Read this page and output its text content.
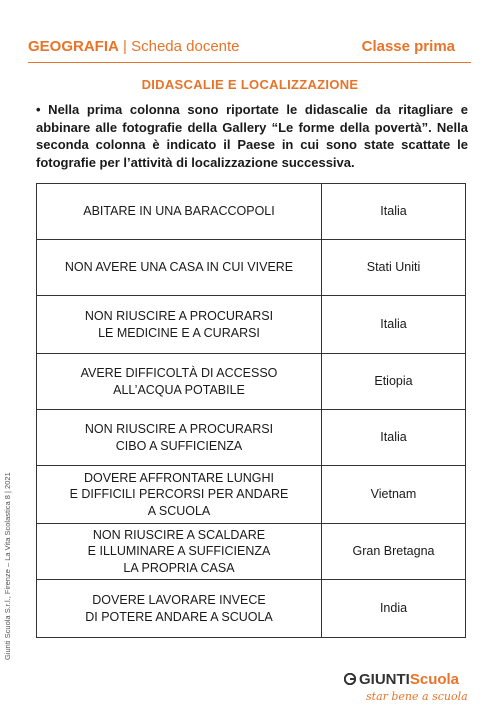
GEOGRAFIA | Scheda docente	Classe prima
DIDASCALIE E LOCALIZZAZIONE
• Nella prima colonna sono riportate le didascalie da ritagliare e abbinare alle fotografie della Gallery “Le forme della povertà”. Nella seconda colonna è indicato il Paese in cui sono state scattate le fotografie per l’attività di localizzazione successiva.
ABITARE IN UNA BARACCOPOLI	Italia

NON AVERE UNA CASA IN CUI VIVERE	Stati Uniti

NON RIUSCIRE A PROCURARSI
LE MEDICINE E A CURARSI	Italia

AVERE DIFFICOLTÀ DI ACCESSO
ALL’ACQUA POTABILE	Etiopia

NON RIUSCIRE A PROCURARSI
CIBO A SUFFICIENZA	Italia

DOVERE AFFRONTARE LUNGHI
E DIFFICILI PERCORSI PER ANDARE
A SCUOLA	Vietnam

NON RIUSCIRE A SCALDARE
E ILLUMINARE A SUFFICIENZA
LA PROPRIA CASA	Gran Bretagna

DOVERE LAVORARE INVECE
DI POTERE ANDARE A SCUOLA	India
Giunti Scuola S.r.l., Firenze – La Vita Scolastica 8 | 2021
GIUNTIScuola
star bene a scuola
